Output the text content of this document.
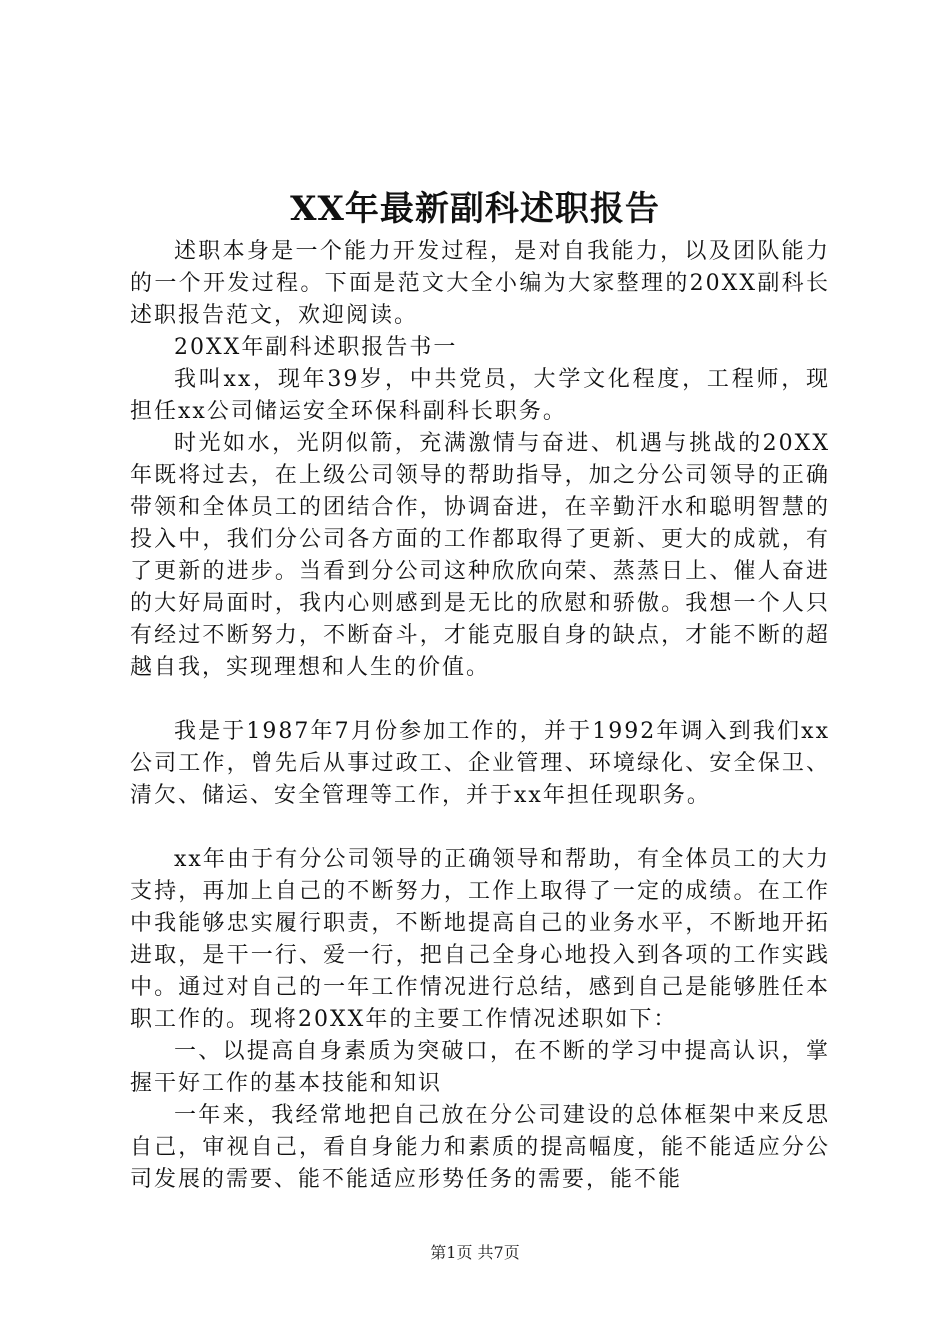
XX年最新副科述职报告

述职本身是一个能力开发过程，是对自我能力，以及团队能力的一个开发过程。下面是范文大全小编为大家整理的20XX副科长述职报告范文，欢迎阅读。

20XX年副科述职报告书一

我叫xx，现年39岁，中共党员，大学文化程度，工程师，现担任xx公司储运安全环保科副科长职务。

时光如水，光阴似箭，充满激情与奋进、机遇与挑战的20XX年既将过去，在上级公司领导的帮助指导，加之分公司领导的正确带领和全体员工的团结合作，协调奋进，在辛勤汗水和聪明智慧的投入中，我们分公司各方面的工作都取得了更新、更大的成就，有了更新的进步。当看到分公司这种欣欣向荣、蒸蒸日上、催人奋进的大好局面时，我内心则感到是无比的欣慰和骄傲。我想一个人只有经过不断努力，不断奋斗，才能克服自身的缺点，才能不断的超越自我，实现理想和人生的价值。

我是于1987年7月份参加工作的，并于1992年调入到我们xx公司工作，曾先后从事过政工、企业管理、环境绿化、安全保卫、清欠、储运、安全管理等工作，并于xx年担任现职务。

xx年由于有分公司领导的正确领导和帮助，有全体员工的大力支持，再加上自己的不断努力，工作上取得了一定的成绩。在工作中我能够忠实履行职责，不断地提高自己的业务水平，不断地开拓进取，是干一行、爱一行，把自己全身心地投入到各项的工作实践中。通过对自己的一年工作情况进行总结，感到自己是能够胜任本职工作的。现将20XX年的主要工作情况述职如下：

一、以提高自身素质为突破口，在不断的学习中提高认识，掌握干好工作的基本技能和知识

一年来，我经常地把自己放在分公司建设的总体框架中来反思自己，审视自己，看自身能力和素质的提高幅度，能不能适应分公司发展的需要、能不能适应形势任务的需要，能不能

第1页 共7页
